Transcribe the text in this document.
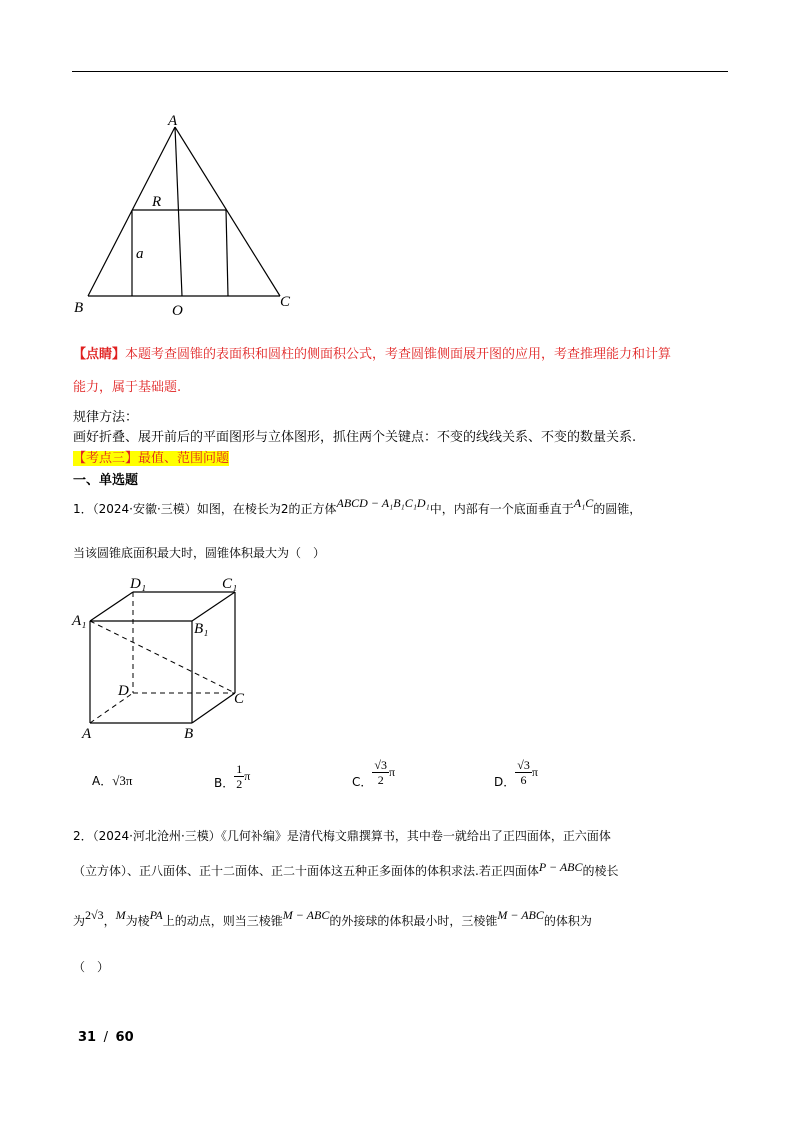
A
R
a
B	O
C
【点睛】本题考查圆锥的表面积和圆柱的侧面积公式，考查圆锥侧面展开图的应用，考查推理能力和计算
能力，属于基础题.
规律方法：
画好折叠、展开前后的平面图形与立体图形，抓住两个关键点：不变的线线关系、不变的数量关系.
【考点三】最值、范围问题
一、单选题
1．（2024·安徽·三模）如图，在棱长为2的正方体ABCD − A₁B₁C₁D₁中，内部有一个底面垂直于A₁C的圆锥，
当该圆锥底面积最大时，圆锥体积最大为（　）
D₁	C₁
A₁	B₁
D	C
A	B
A．√3π	B． $\frac{1}{2}$ π	C． $\frac{√3}{2}$ π
D． $\frac{√3}{6}$ π
2．（2024·河北沧州·三模）《几何补编》是清代梅文鼎撰算书，其中卷一就给出了正四面体，正六面体
（立方体）、正八面体、正十二面体、正二十面体这五种正多面体的体积求法.若正四面体P − ABC的棱长
为2√3，M为棱PA上的动点，则当三棱锥M − ABC的外接球的体积最小时，三棱锥M − ABC的体积为
（　）
31 / 60
